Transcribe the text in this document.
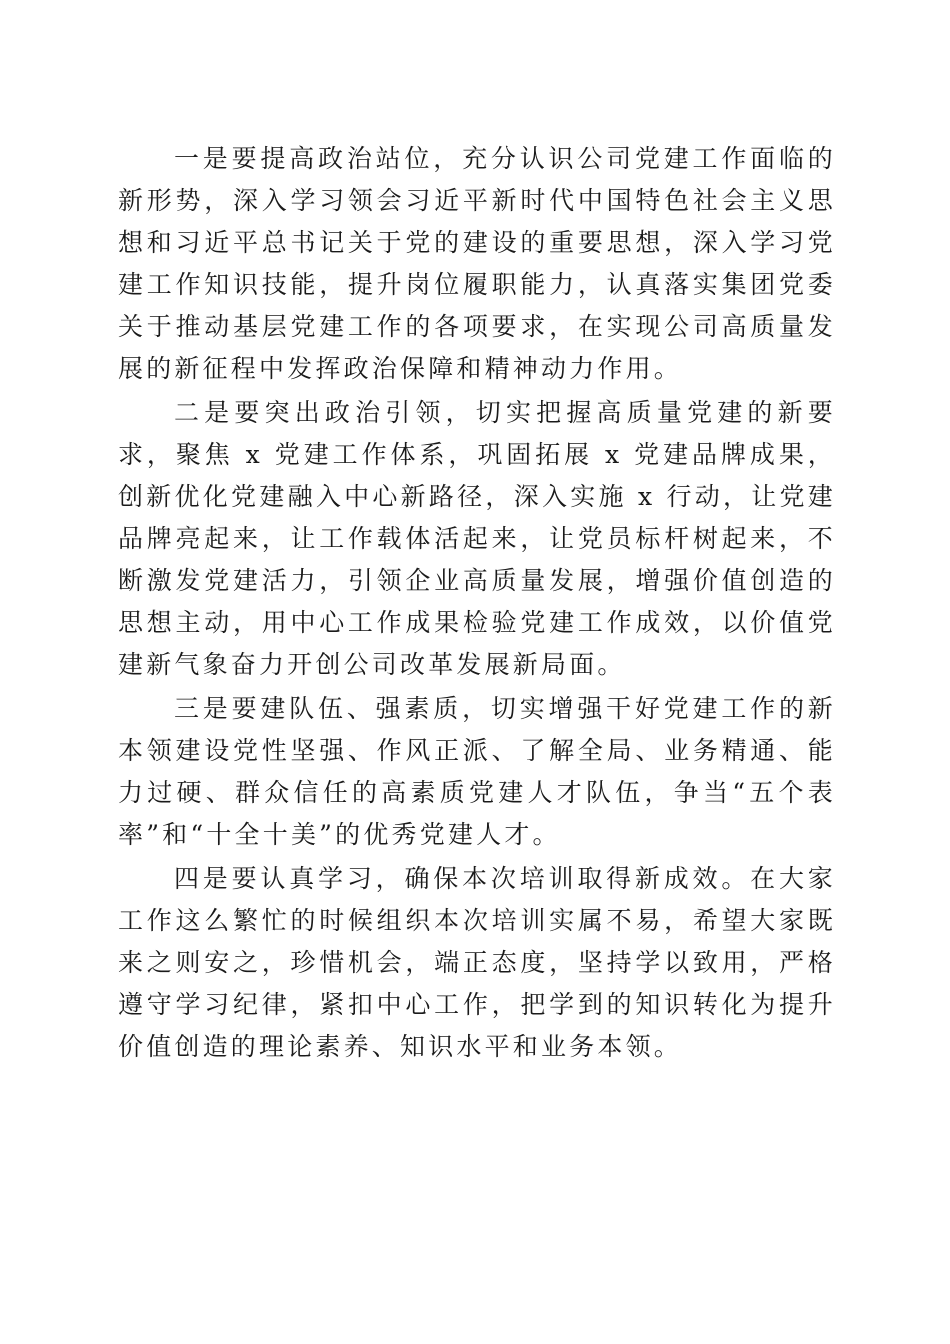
一是要提高政治站位，充分认识公司党建工作面临的新形势，深入学习领会习近平新时代中国特色社会主义思想和习近平总书记关于党的建设的重要思想，深入学习党建工作知识技能，提升岗位履职能力，认真落实集团党委关于推动基层党建工作的各项要求，在实现公司高质量发展的新征程中发挥政治保障和精神动力作用。

二是要突出政治引领，切实把握高质量党建的新要求，聚焦 x 党建工作体系，巩固拓展 x 党建品牌成果，创新优化党建融入中心新路径，深入实施 x 行动，让党建品牌亮起来，让工作载体活起来，让党员标杆树起来，不断激发党建活力，引领企业高质量发展，增强价值创造的思想主动，用中心工作成果检验党建工作成效，以价值党建新气象奋力开创公司改革发展新局面。

三是要建队伍、强素质，切实增强干好党建工作的新本领建设党性坚强、作风正派、了解全局、业务精通、能力过硬、群众信任的高素质党建人才队伍，争当“五个表率”和“十全十美”的优秀党建人才。

四是要认真学习，确保本次培训取得新成效。在大家工作这么繁忙的时候组织本次培训实属不易，希望大家既来之则安之，珍惜机会，端正态度，坚持学以致用，严格遵守学习纪律，紧扣中心工作，把学到的知识转化为提升价值创造的理论素养、知识水平和业务本领。
